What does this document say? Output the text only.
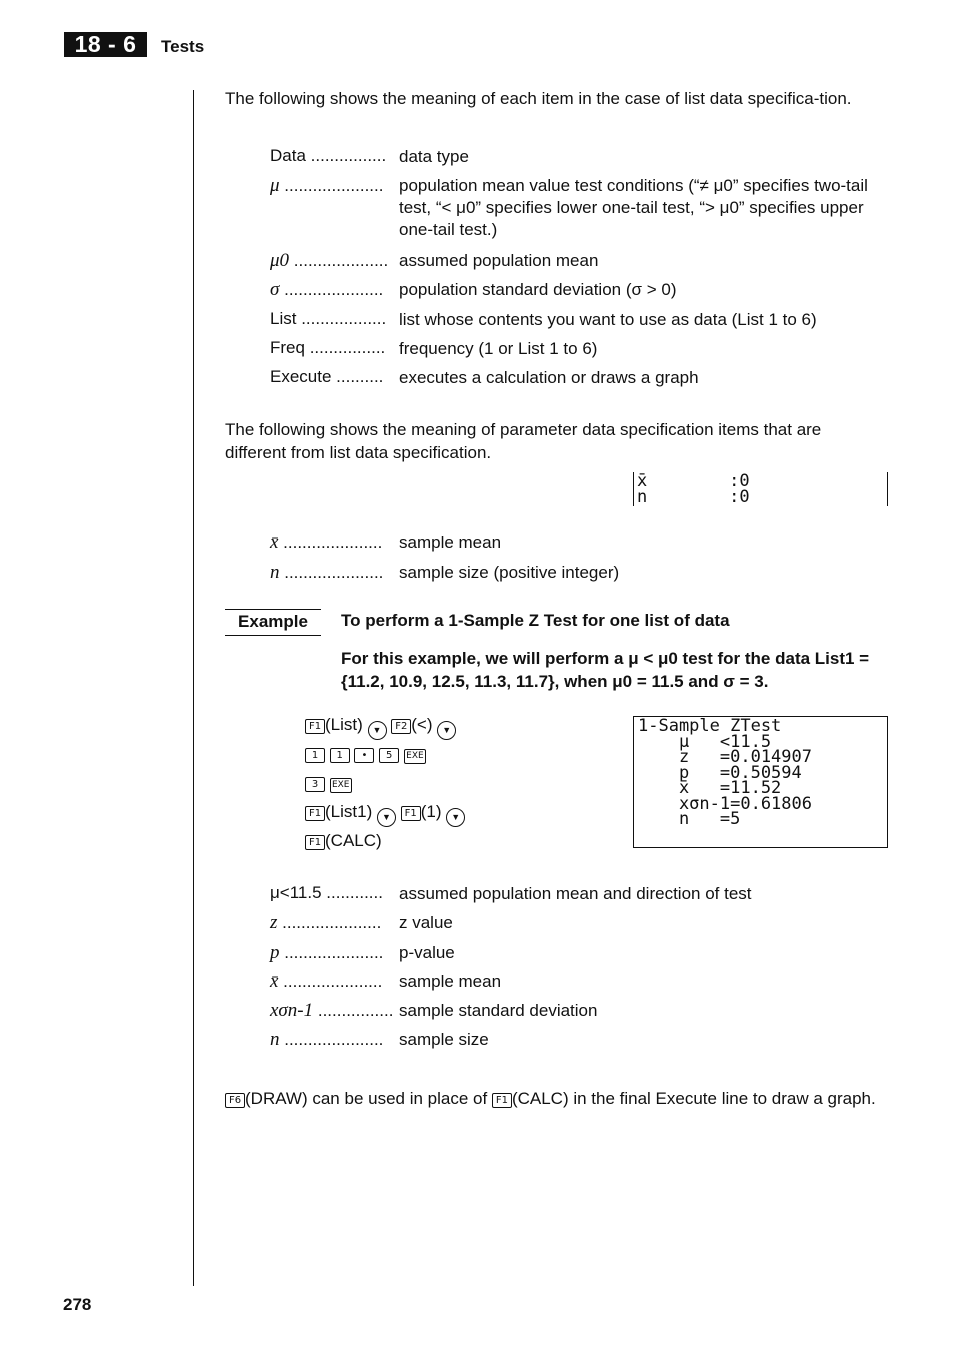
18 - 6	Tests
The following shows the meaning of each item in the case of list data specifica-tion.
Data ................ data type
μ ..................... population mean value test conditions (“≠ μ0” specifies two-tail test, “< μ0” specifies lower one-tail test, “> μ0” specifies upper one-tail test.)
μ0 .................... assumed population mean
σ ..................... population standard deviation (σ > 0)
List .................. list whose contents you want to use as data (List 1 to 6)
Freq ................ frequency (1 or List 1 to 6)
Execute .......... executes a calculation or draws a graph
The following shows the meaning of parameter data specification items that are different from list data specification.
x̄        :0
n        :0
x̄ ..................... sample mean
n ..................... sample size (positive integer)
Example	To perform a 1-Sample Z Test for one list of data
For this example, we will perform a μ < μ0 test for the data List1 = {11.2, 10.9, 12.5, 11.3, 11.7}, when μ0 = 11.5 and σ = 3.
F1 (List) ▼ F2 (<) ▼
1 1 • 5 EXE
3 EXE
F1 (List1) ▼ F1 (1) ▼
F1 (CALC)
1-Sample ZTest
μ   <11.5
z   =0.014907
p   =0.50594
x̄   =11.52
xσn-1=0.61806
n   =5
μ<11.5 ............ assumed population mean and direction of test
z ..................... z value
p ..................... p-value
x̄ ..................... sample mean
xσn-1 ................ sample standard deviation
n ..................... sample size
F6 (DRAW) can be used in place of F1 (CALC) in the final Execute line to draw a graph.
278
